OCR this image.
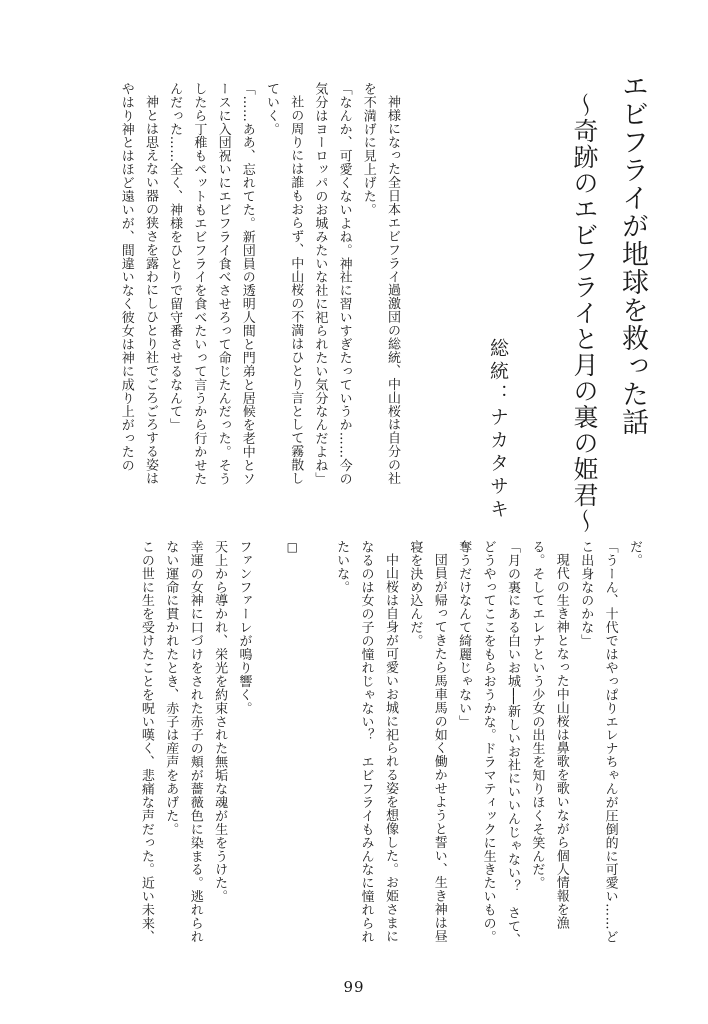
エビフライが地球を救った話
〜奇跡のエビフライと月の裏の姫君〜
総統：ナカタサキ

神様になった全日本エビフライ過激団の総統、中山桜は自分の社を不満げに見上げた。

「なんか、可愛くないよね。神社に習いすぎたっていうか……今の気分はヨーロッパのお城みたいな社に祀られたい気分なんだよね」

社の周りには誰もおらず、中山桜の不満はひとり言として霧散していく。

「……ああ、忘れてた。新団員の透明人間と門弟と居候を老中とソースに入団祝いにエビフライ食べさせろって命じたんだった。そうしたら丁稚もペットもエビフライを食べたいって言うから行かせたんだった……全く、神様をひとりで留守番させるなんて」

神とは思えない器の狭さを露わにしひとり社でごろごろする姿はやはり神とはほど遠いが、間違いなく彼女は神に成り上がったの

だ。

「うーん、十代ではやっぱりエレナちゃんが圧倒的に可愛い……どこ出身なのかな」

現代の生き神となった中山桜は鼻歌を歌いながら個人情報を漁る。そしてエレナという少女の出生を知りほくそ笑んだ。

「月の裏にある白いお城──新しいお社にいいんじゃない？　さて、どうやってここをもらおうかな。ドラマティックに生きたいもの。奪うだけなんて綺麗じゃない」

団員が帰ってきたら馬車馬の如く働かせようと誓い、生き神は昼寝を決め込んだ。

中山桜は自身が可愛いお城に祀られる姿を想像した。お姫さまになるのは女の子の憧れじゃない？　エビフライもみんなに憧れられたいな。

□

ファンファーレが鳴り響く。

天上から導かれ、栄光を約束された無垢な魂が生をうけた。

幸運の女神に口づけをされた赤子の頬が薔薇色に染まる。逃れられない運命に貫かれたとき、赤子は産声をあげた。

この世に生を受けたことを呪い嘆く、悲痛な声だった。近い未来、

99
